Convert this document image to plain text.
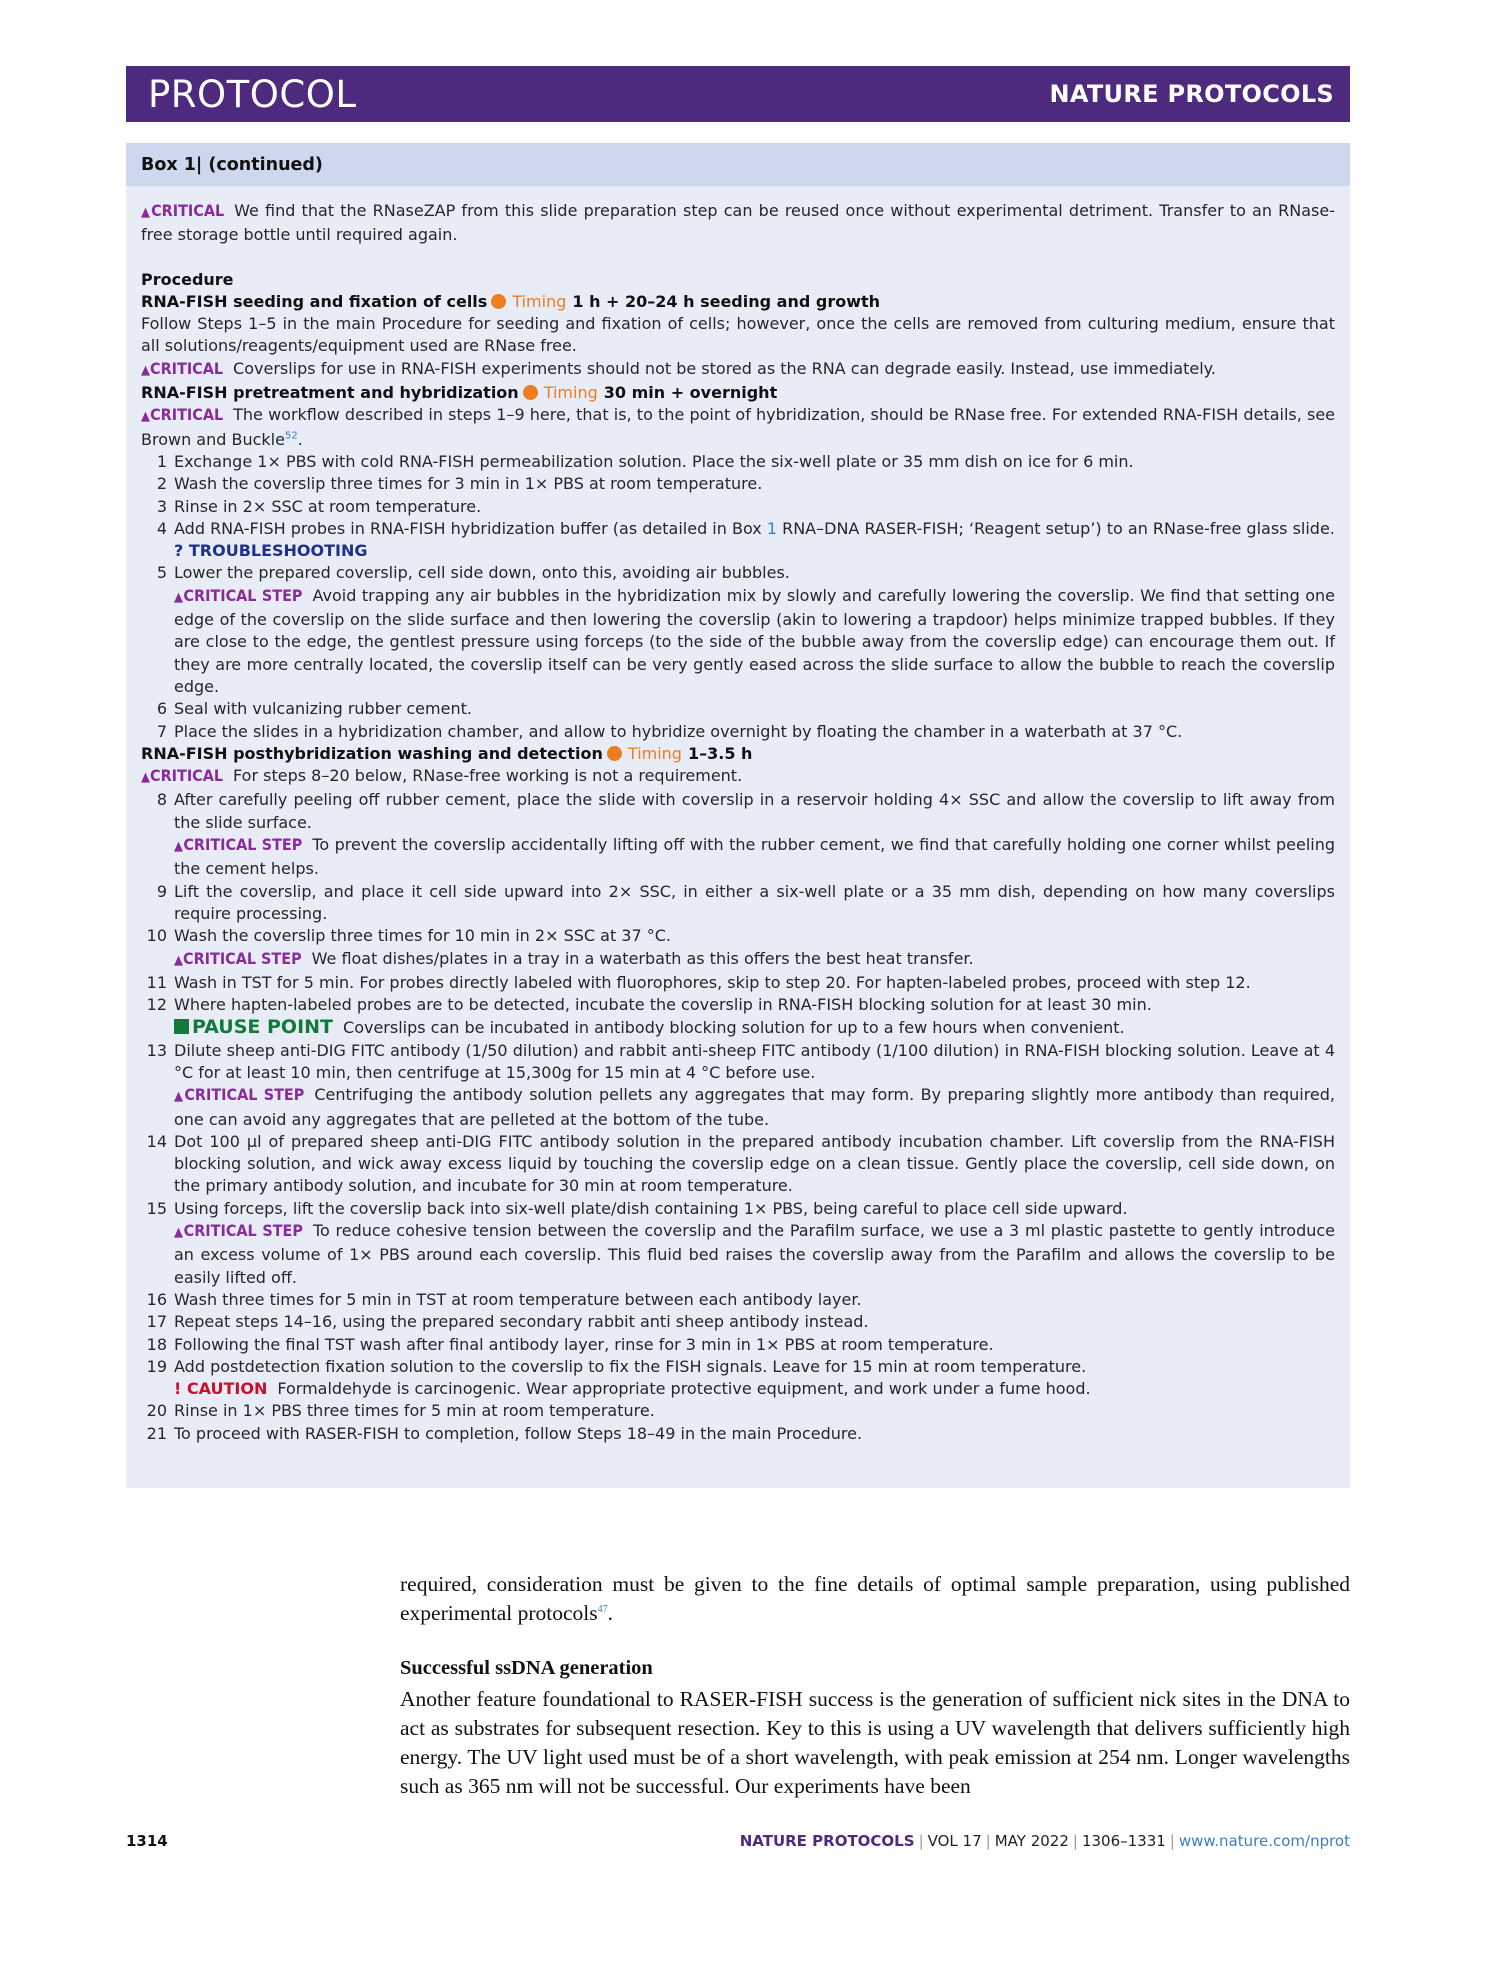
PROTOCOL	NATURE PROTOCOLS
Box 1| (continued)

▲CRITICAL We find that the RNaseZAP from this slide preparation step can be reused once without experimental detriment. Transfer to an RNase-free storage bottle until required again.

Procedure

RNA-FISH seeding and fixation of cells Timing 1 h + 20–24 h seeding and growth

Follow Steps 1–5 in the main Procedure for seeding and fixation of cells; however, once the cells are removed from culturing medium, ensure that all solutions/reagents/equipment used are RNase free.

▲CRITICAL Coverslips for use in RNA-FISH experiments should not be stored as the RNA can degrade easily. Instead, use immediately.

RNA-FISH pretreatment and hybridization Timing 30 min + overnight

▲CRITICAL The workflow described in steps 1–9 here, that is, to the point of hybridization, should be RNase free. For extended RNA-FISH details, see Brown and Buckle$^{52}$.

1 Exchange 1× PBS with cold RNA-FISH permeabilization solution. Place the six-well plate or 35 mm dish on ice for 6 min.
2 Wash the coverslip three times for 3 min in 1× PBS at room temperature.
3 Rinse in 2× SSC at room temperature.
4 Add RNA-FISH probes in RNA-FISH hybridization buffer (as detailed in Box 1 RNA–DNA RASER-FISH; ‘Reagent setup’) to an RNase-free glass slide.
? TROUBLESHOOTING
5 Lower the prepared coverslip, cell side down, onto this, avoiding air bubbles.
▲CRITICAL STEP Avoid trapping any air bubbles in the hybridization mix by slowly and carefully lowering the coverslip. We find that setting one edge of the coverslip on the slide surface and then lowering the coverslip (akin to lowering a trapdoor) helps minimize trapped bubbles. If they are close to the edge, the gentlest pressure using forceps (to the side of the bubble away from the coverslip edge) can encourage them out. If they are more centrally located, the coverslip itself can be very gently eased across the slide surface to allow the bubble to reach the coverslip edge.
6 Seal with vulcanizing rubber cement.
7 Place the slides in a hybridization chamber, and allow to hybridize overnight by floating the chamber in a waterbath at 37 °C.

RNA-FISH posthybridization washing and detection Timing 1–3.5 h

▲CRITICAL For steps 8–20 below, RNase-free working is not a requirement.

8 After carefully peeling off rubber cement, place the slide with coverslip in a reservoir holding 4× SSC and allow the coverslip to lift away from the slide surface.
▲CRITICAL STEP To prevent the coverslip accidentally lifting off with the rubber cement, we find that carefully holding one corner whilst peeling the cement helps.
9 Lift the coverslip, and place it cell side upward into 2× SSC, in either a six-well plate or a 35 mm dish, depending on how many coverslips require processing.
10 Wash the coverslip three times for 10 min in 2× SSC at 37 °C.
▲CRITICAL STEP We float dishes/plates in a tray in a waterbath as this offers the best heat transfer.
11 Wash in TST for 5 min. For probes directly labeled with fluorophores, skip to step 20. For hapten-labeled probes, proceed with step 12.
12 Where hapten-labeled probes are to be detected, incubate the coverslip in RNA-FISH blocking solution for at least 30 min.
PAUSE POINT Coverslips can be incubated in antibody blocking solution for up to a few hours when convenient.
13 Dilute sheep anti-DIG FITC antibody (1/50 dilution) and rabbit anti-sheep FITC antibody (1/100 dilution) in RNA-FISH blocking solution. Leave at 4 °C for at least 10 min, then centrifuge at 15,300g for 15 min at 4 °C before use.
▲CRITICAL STEP Centrifuging the antibody solution pellets any aggregates that may form. By preparing slightly more antibody than required, one can avoid any aggregates that are pelleted at the bottom of the tube.
14 Dot 100 µl of prepared sheep anti-DIG FITC antibody solution in the prepared antibody incubation chamber. Lift coverslip from the RNA-FISH blocking solution, and wick away excess liquid by touching the coverslip edge on a clean tissue. Gently place the coverslip, cell side down, on the primary antibody solution, and incubate for 30 min at room temperature.
15 Using forceps, lift the coverslip back into six-well plate/dish containing 1× PBS, being careful to place cell side upward.
▲CRITICAL STEP To reduce cohesive tension between the coverslip and the Parafilm surface, we use a 3 ml plastic pastette to gently introduce an excess volume of 1× PBS around each coverslip. This fluid bed raises the coverslip away from the Parafilm and allows the coverslip to be easily lifted off.
16 Wash three times for 5 min in TST at room temperature between each antibody layer.
17 Repeat steps 14–16, using the prepared secondary rabbit anti sheep antibody instead.
18 Following the final TST wash after final antibody layer, rinse for 3 min in 1× PBS at room temperature.
19 Add postdetection fixation solution to the coverslip to fix the FISH signals. Leave for 15 min at room temperature.
! CAUTION Formaldehyde is carcinogenic. Wear appropriate protective equipment, and work under a fume hood.
20 Rinse in 1× PBS three times for 5 min at room temperature.
21 To proceed with RASER-FISH to completion, follow Steps 18–49 in the main Procedure.

required, consideration must be given to the fine details of optimal sample preparation, using published experimental protocols$^{47}$.

Successful ssDNA generation

Another feature foundational to RASER-FISH success is the generation of sufficient nick sites in the DNA to act as substrates for subsequent resection. Key to this is using a UV wavelength that delivers sufficiently high energy. The UV light used must be of a short wavelength, with peak emission at 254 nm. Longer wavelengths such as 365 nm will not be successful. Our experiments have been

1314	NATURE PROTOCOLS | VOL 17 | MAY 2022 | 1306–1331 | www.nature.com/nprot
